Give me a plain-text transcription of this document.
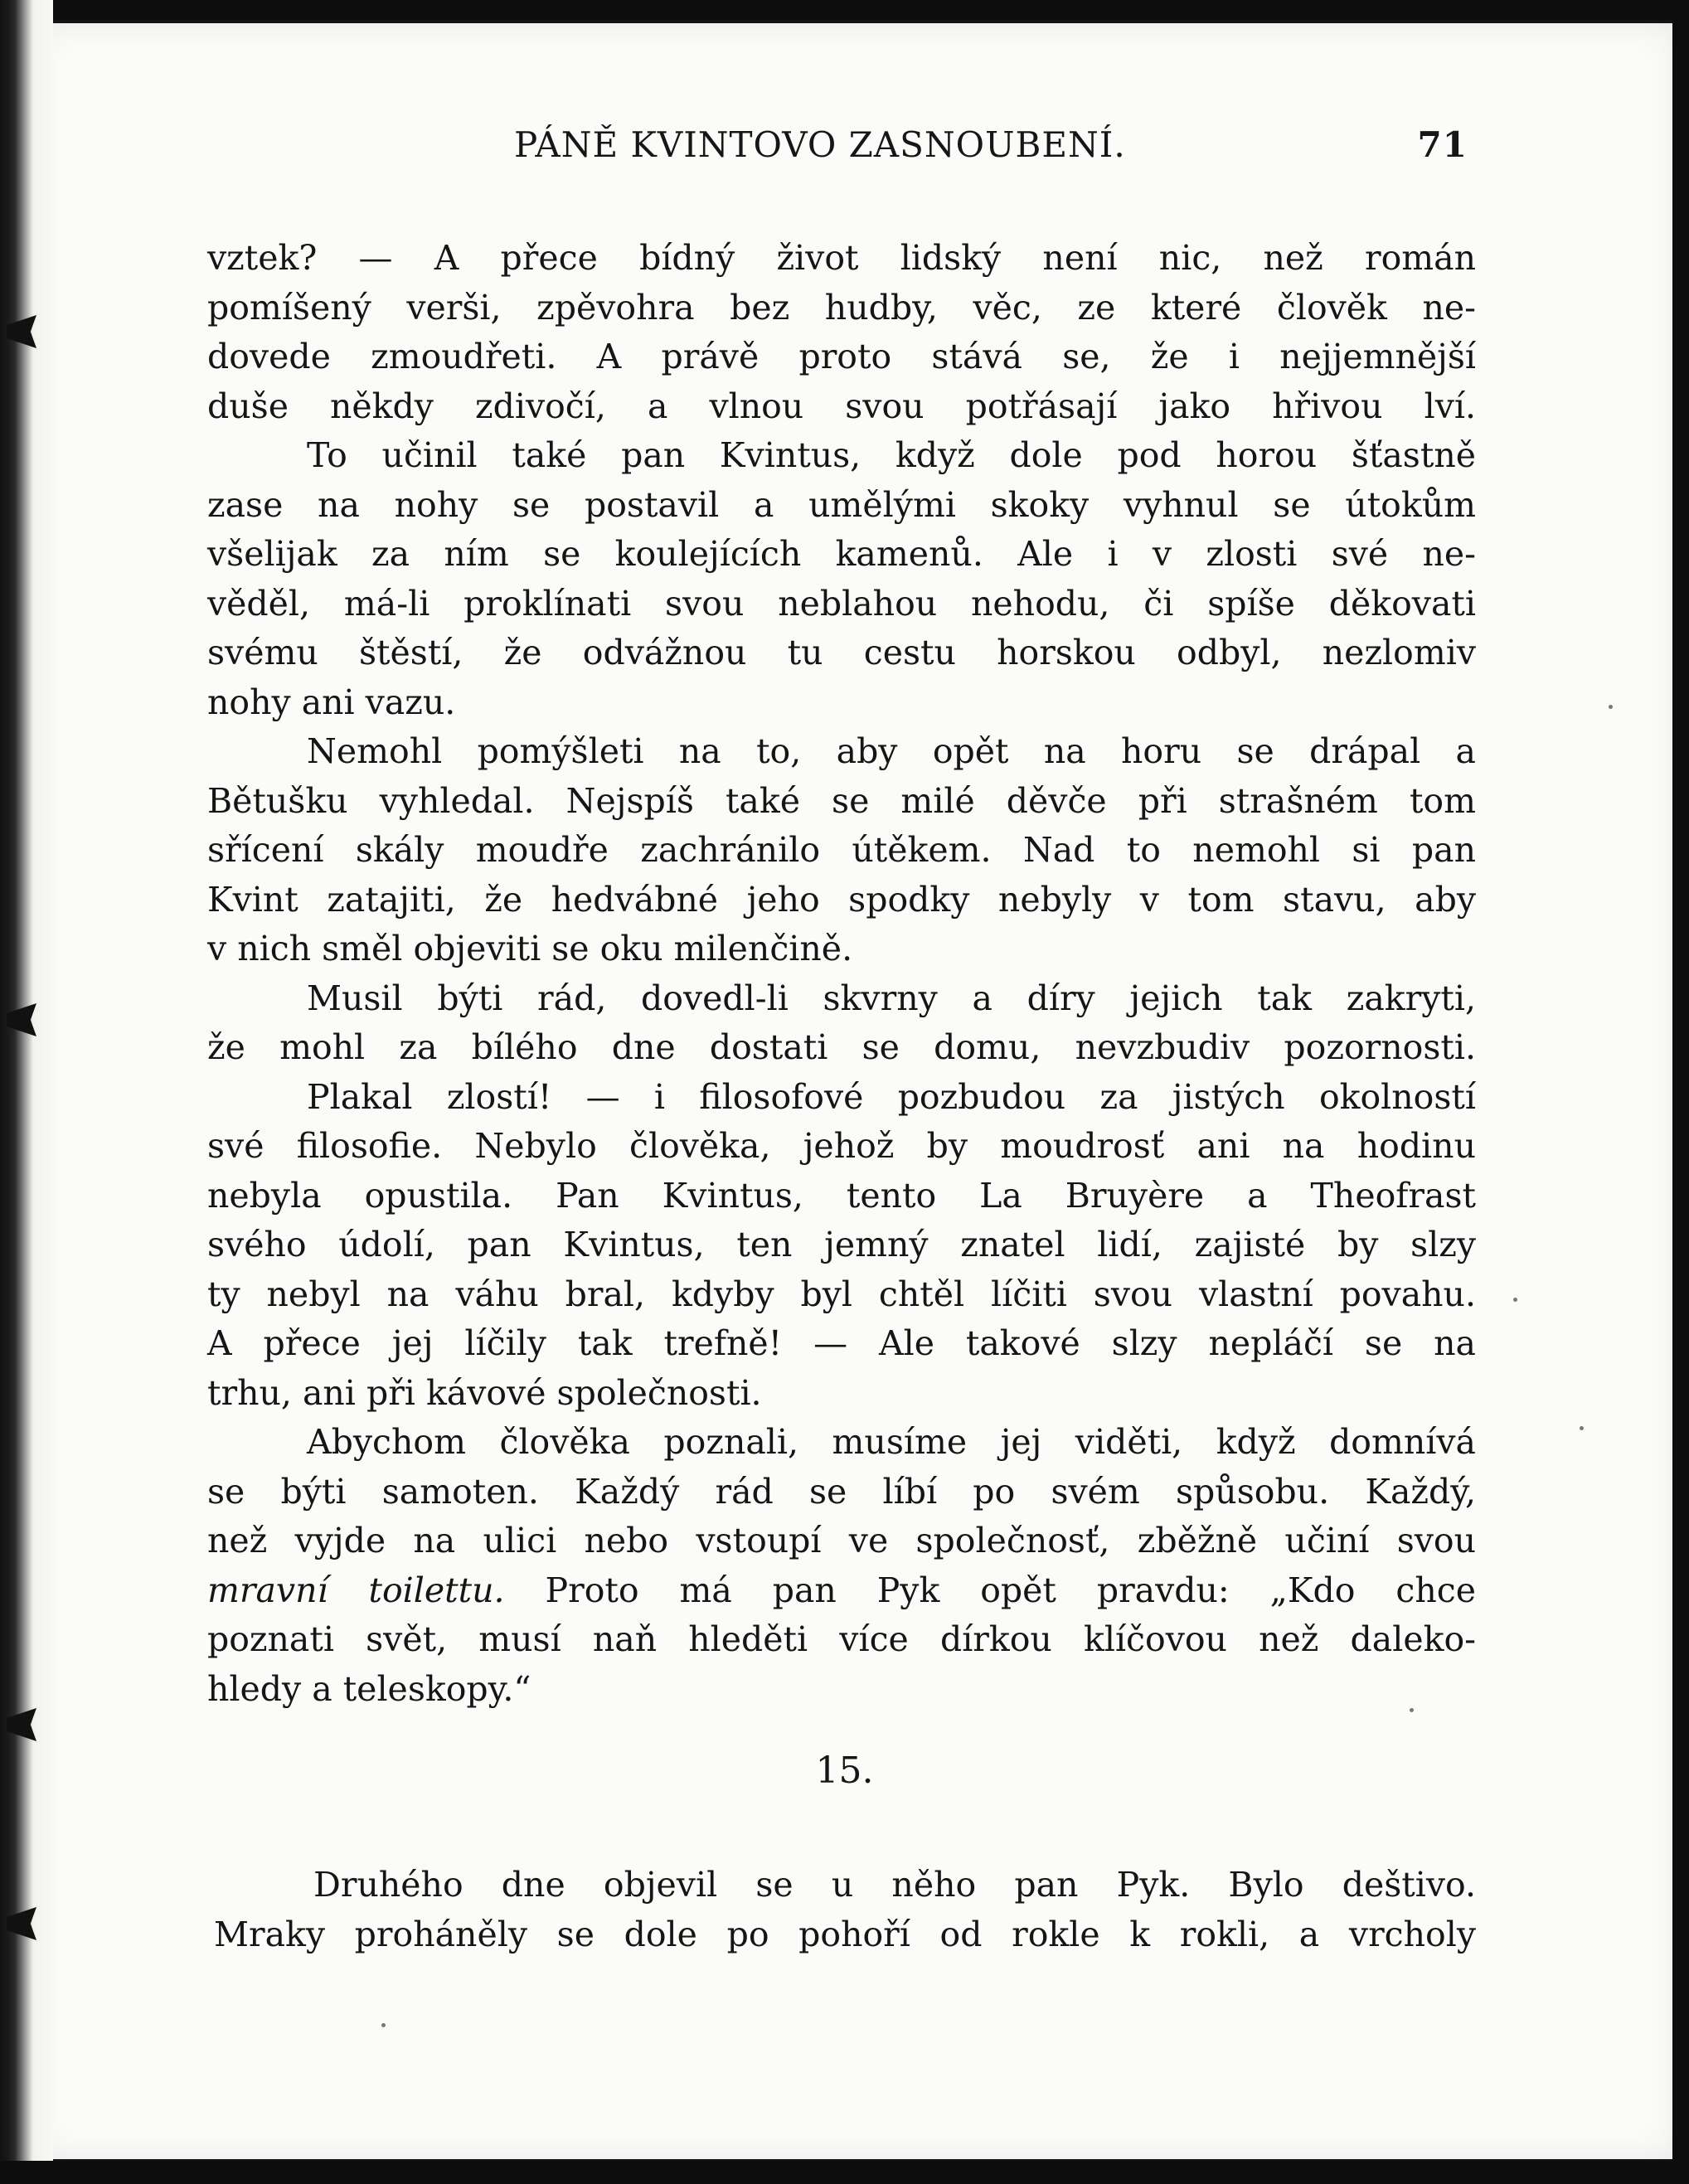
PÁNĚ KVINTOVO ZASNOUBENÍ.	71

vztek? — A přece bídný život lidský není nic, než román
pomíšený verši, zpěvohra bez hudby, věc, ze které člověk ne-
dovede zmoudřeti. A právě proto stává se, že i nejjemnější
duše někdy zdivočí, a vlnou svou potřásají jako hřivou lví.

To učinil také pan Kvintus, když dole pod horou šťastně
zase na nohy se postavil a umělými skoky vyhnul se útokům
všelijak za ním se koulejících kamenů. Ale i v zlosti své ne-
věděl, má-li proklínati svou neblahou nehodu, či spíše děkovati
svému štěstí, že odvážnou tu cestu horskou odbyl, nezlomiv
nohy ani vazu.

Nemohl pomýšleti na to, aby opět na horu se drápal a
Bětušku vyhledal. Nejspíš také se milé děvče při strašném tom
sřícení skály moudře zachránilo útěkem. Nad to nemohl si pan
Kvint zatajiti, že hedvábné jeho spodky nebyly v tom stavu, aby
v nich směl objeviti se oku milenčině.

Musil býti rád, dovedl-li skvrny a díry jejich tak zakryti,
že mohl za bílého dne dostati se domu, nevzbudiv pozornosti.

Plakal zlostí! — i filosofové pozbudou za jistých okolností
své filosofie. Nebylo člověka, jehož by moudrosť ani na hodinu
nebyla opustila. Pan Kvintus, tento La Bruyère a Theofrast
svého údolí, pan Kvintus, ten jemný znatel lidí, zajisté by slzy
ty nebyl na váhu bral, kdyby byl chtěl líčiti svou vlastní povahu.
A přece jej líčily tak trefně! — Ale takové slzy nepláčí se na
trhu, ani při kávové společnosti.

Abychom člověka poznali, musíme jej viděti, když domnívá
se býti samoten. Každý rád se líbí po svém spůsobu. Každý,
než vyjde na ulici nebo vstoupí ve společnosť, zběžně učiní svou
mravní toilettu. Proto má pan Pyk opět pravdu: „Kdo chce
poznati svět, musí naň hleděti více dírkou klíčovou než daleko-
hledy a teleskopy.“

15.

Druhého dne objevil se u něho pan Pyk. Bylo deštivo.
Mraky proháněly se dole po pohoří od rokle k rokli, a vrcholy
